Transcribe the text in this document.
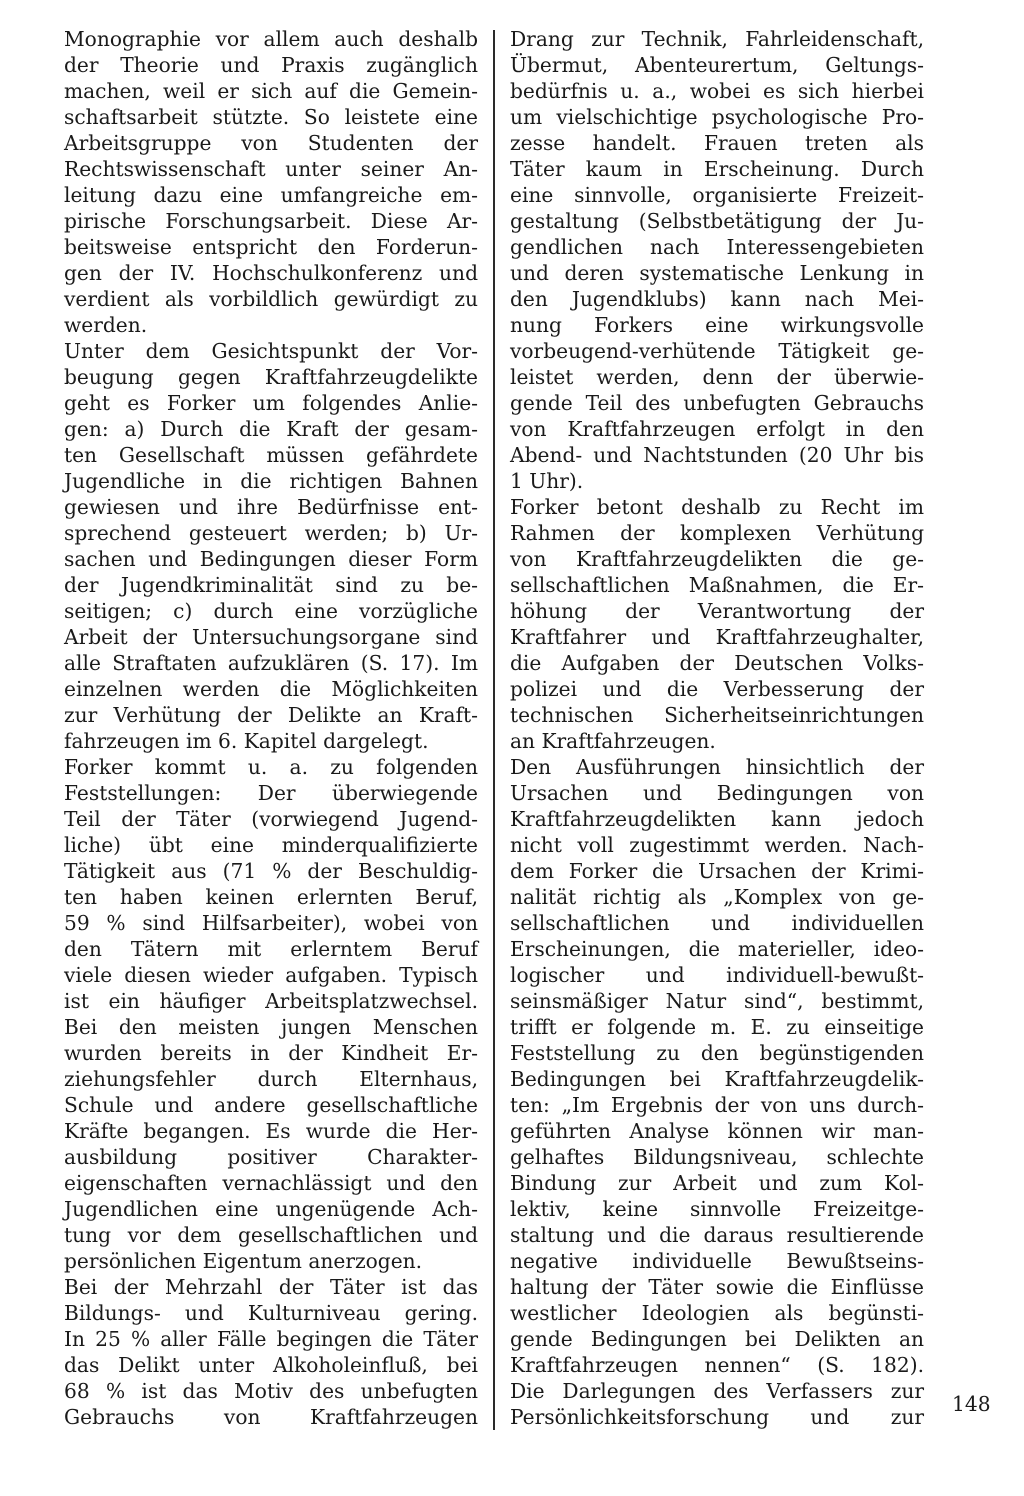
Monographie vor allem auch deshalb
der Theorie und Praxis zugänglich
machen, weil er sich auf die Gemein-
schaftsarbeit stützte. So leistete eine
Arbeitsgruppe von Studenten der
Rechtswissenschaft unter seiner An-
leitung dazu eine umfangreiche em-
pirische Forschungsarbeit. Diese Ar-
beitsweise entspricht den Forderun-
gen der IV. Hochschulkonferenz und
verdient als vorbildlich gewürdigt zu
werden.
Unter dem Gesichtspunkt der Vor-
beugung gegen Kraftfahrzeugdelikte
geht es Forker um folgendes Anlie-
gen: a) Durch die Kraft der gesam-
ten Gesellschaft müssen gefährdete
Jugendliche in die richtigen Bahnen
gewiesen und ihre Bedürfnisse ent-
sprechend gesteuert werden; b) Ur-
sachen und Bedingungen dieser Form
der Jugendkriminalität sind zu be-
seitigen; c) durch eine vorzügliche
Arbeit der Untersuchungsorgane sind
alle Straftaten aufzuklären (S. 17). Im
einzelnen werden die Möglichkeiten
zur Verhütung der Delikte an Kraft-
fahrzeugen im 6. Kapitel dargelegt.
Forker kommt u. a. zu folgenden
Feststellungen: Der überwiegende
Teil der Täter (vorwiegend Jugend-
liche) übt eine minderqualifizierte
Tätigkeit aus (71 % der Beschuldig-
ten haben keinen erlernten Beruf,
59 % sind Hilfsarbeiter), wobei von
den Tätern mit erlerntem Beruf
viele diesen wieder aufgaben. Typisch
ist ein häufiger Arbeitsplatzwechsel.
Bei den meisten jungen Menschen
wurden bereits in der Kindheit Er-
ziehungsfehler durch Elternhaus,
Schule und andere gesellschaftliche
Kräfte begangen. Es wurde die Her-
ausbildung positiver Charakter-
eigenschaften vernachlässigt und den
Jugendlichen eine ungenügende Ach-
tung vor dem gesellschaftlichen und
persönlichen Eigentum anerzogen.
Bei der Mehrzahl der Täter ist das
Bildungs- und Kulturniveau gering.
In 25 % aller Fälle begingen die Täter
das Delikt unter Alkoholeinfluß, bei
68 % ist das Motiv des unbefugten
Gebrauchs von Kraftfahrzeugen
Drang zur Technik, Fahrleidenschaft,
Übermut, Abenteurertum, Geltungs-
bedürfnis u. a., wobei es sich hierbei
um vielschichtige psychologische Pro-
zesse handelt. Frauen treten als
Täter kaum in Erscheinung. Durch
eine sinnvolle, organisierte Freizeit-
gestaltung (Selbstbetätigung der Ju-
gendlichen nach Interessengebieten
und deren systematische Lenkung in
den Jugendklubs) kann nach Mei-
nung Forkers eine wirkungsvolle
vorbeugend-verhütende Tätigkeit ge-
leistet werden, denn der überwie-
gende Teil des unbefugten Gebrauchs
von Kraftfahrzeugen erfolgt in den
Abend- und Nachtstunden (20 Uhr bis
1 Uhr).
Forker betont deshalb zu Recht im
Rahmen der komplexen Verhütung
von Kraftfahrzeugdelikten die ge-
sellschaftlichen Maßnahmen, die Er-
höhung der Verantwortung der
Kraftfahrer und Kraftfahrzeughalter,
die Aufgaben der Deutschen Volks-
polizei und die Verbesserung der
technischen Sicherheitseinrichtungen
an Kraftfahrzeugen.
Den Ausführungen hinsichtlich der
Ursachen und Bedingungen von
Kraftfahrzeugdelikten kann jedoch
nicht voll zugestimmt werden. Nach-
dem Forker die Ursachen der Krimi-
nalität richtig als „Komplex von ge-
sellschaftlichen und individuellen
Erscheinungen, die materieller, ideo-
logischer und individuell-bewußt-
seinsmäßiger Natur sind“, bestimmt,
trifft er folgende m. E. zu einseitige
Feststellung zu den begünstigenden
Bedingungen bei Kraftfahrzeugdelik-
ten: „Im Ergebnis der von uns durch-
geführten Analyse können wir man-
gelhaftes Bildungsniveau, schlechte
Bindung zur Arbeit und zum Kol-
lektiv, keine sinnvolle Freizeitge-
staltung und die daraus resultierende
negative individuelle Bewußtseins-
haltung der Täter sowie die Einflüsse
westlicher Ideologien als begünsti-
gende Bedingungen bei Delikten an
Kraftfahrzeugen nennen“ (S. 182).
Die Darlegungen des Verfassers zur
Persönlichkeitsforschung und zur
148
